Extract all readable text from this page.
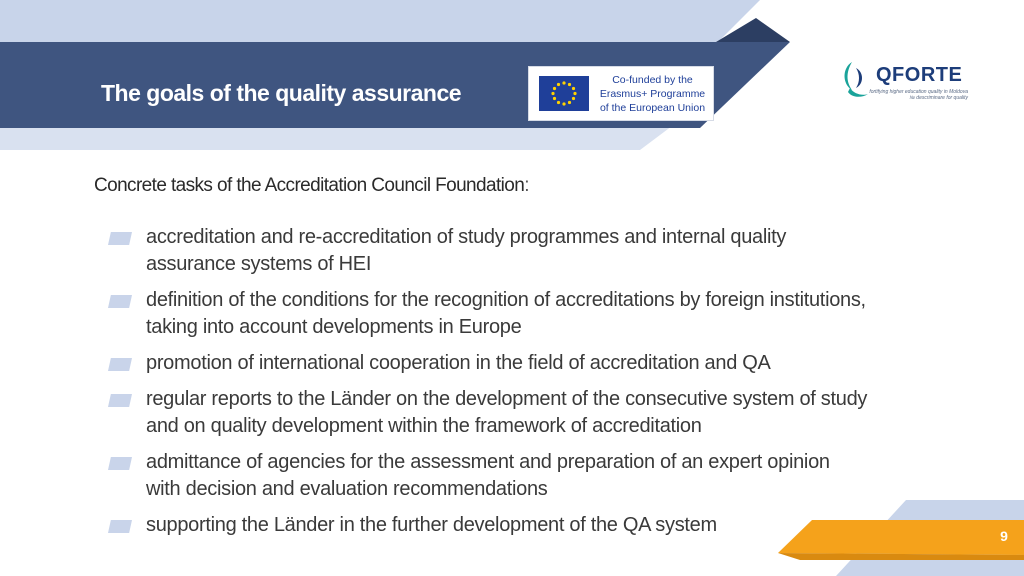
The goals of the quality assurance	Co-funded by the
Erasmus+ Programme
of the European Union
QFORTE
fortifying higher education quality in Moldova
№ descriminare for quality
Concrete tasks of the Accreditation Council Foundation:
accreditation and re-accreditation of study programmes and internal quality assurance systems of HEI
definition of the conditions for the recognition of accreditations by foreign institutions, taking into account developments in Europe
promotion of international cooperation in the field of accreditation and QA
regular reports to the Länder on the development of the consecutive system of study and on quality development within the framework of accreditation
admittance of agencies for the assessment and preparation of an expert opinion with decision and evaluation recommendations
supporting the Länder in the further development of the QA system	9
